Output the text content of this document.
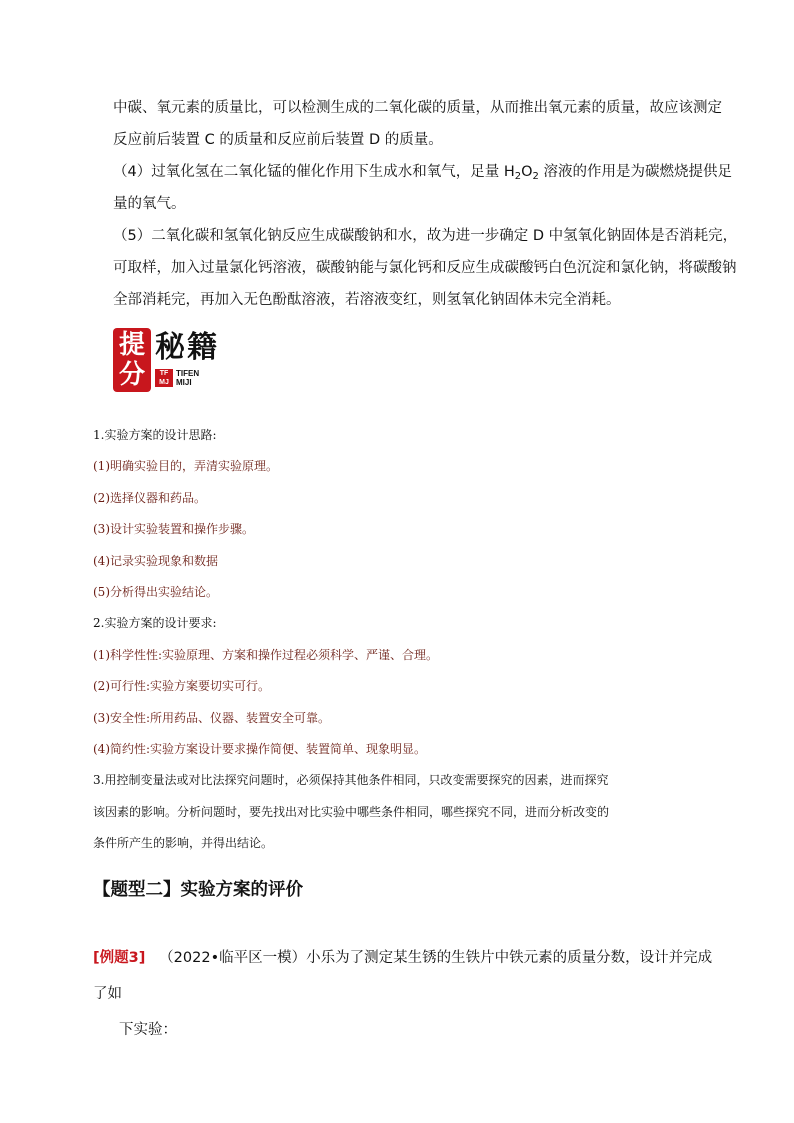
中碳、氧元素的质量比，可以检测生成的二氧化碳的质量，从而推出氧元素的质量，故应该测定
反应前后装置 C 的质量和反应前后装置 D 的质量。
（4）过氧化氢在二氧化锰的催化作用下生成水和氧气，足量 $H_2O_2$ 溶液的作用是为碳燃烧提供足
量的氧气。
（5）二氧化碳和氢氧化钠反应生成碳酸钠和水，故为进一步确定 D 中氢氧化钠固体是否消耗完，
可取样，加入过量氯化钙溶液，碳酸钠能与氯化钙和反应生成碳酸钙白色沉淀和氯化钠，将碳酸钠
全部消耗完，再加入无色酚酞溶液，若溶液变红，则氢氧化钠固体未完全消耗。
提
分
秘籍
TF MJ
TIFEN
MIJI
1.实验方案的设计思路:
(1)明确实验目的，弄清实验原理。
(2)选择仪器和药品。
(3)设计实验装置和操作步骤。
(4)记录实验现象和数据
(5)分析得出实验结论。
2.实验方案的设计要求:
(1)科学性性:实验原理、方案和操作过程必须科学、严谨、合理。
(2)可行性:实验方案要切实可行。
(3)安全性:所用药品、仪器、装置安全可靠。
(4)简约性:实验方案设计要求操作简便、装置简单、现象明显。
3.用控制变量法或对比法探究问题时，必须保持其他条件相同，只改变需要探究的因素，进而探究
该因素的影响。分析问题时，要先找出对比实验中哪些条件相同，哪些探究不同，进而分析改变的
条件所产生的影响，并得出结论。
【题型二】实验方案的评价
[例题3] （2022•临平区一模）小乐为了测定某生锈的生铁片中铁元素的质量分数，设计并完成了如
下实验：
